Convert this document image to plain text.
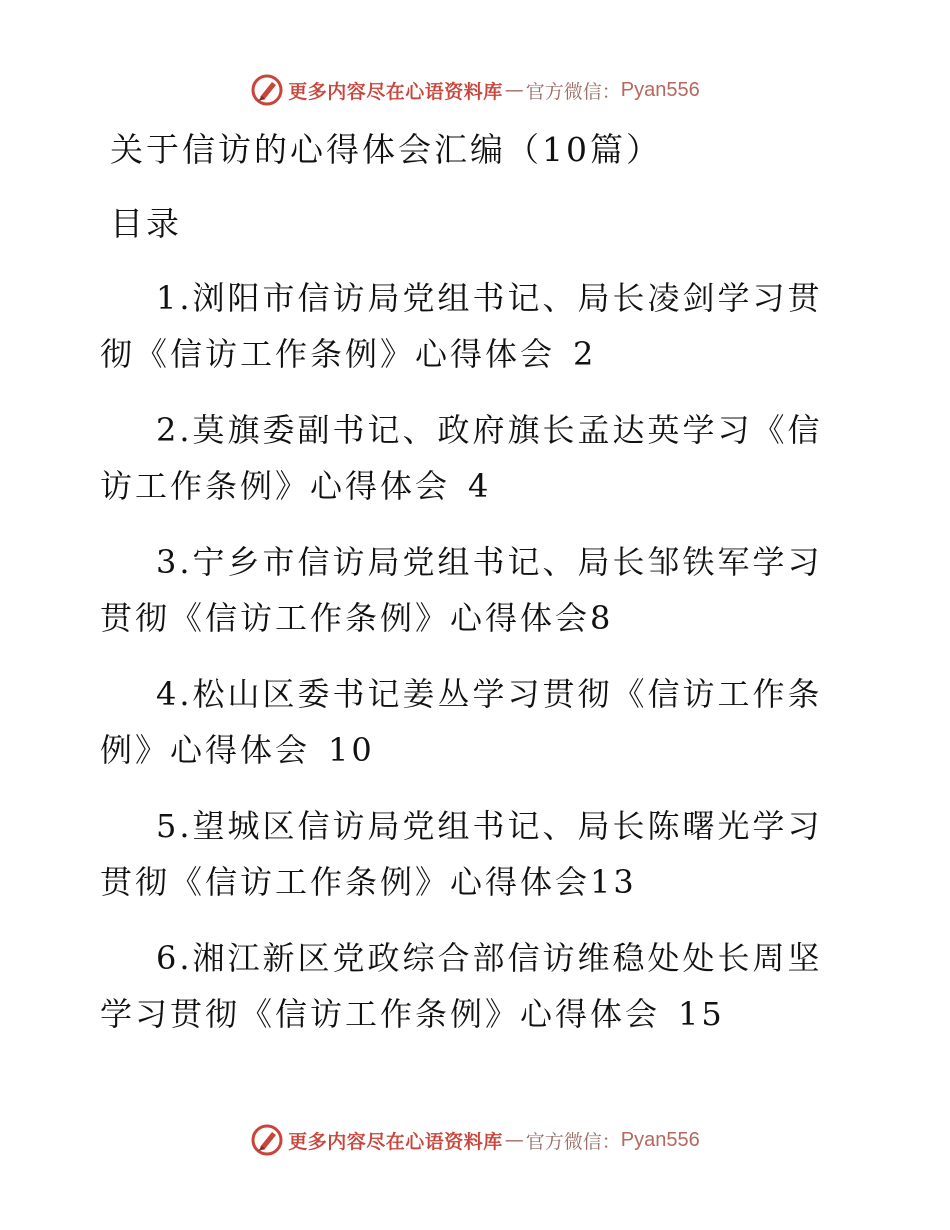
更多内容尽在心语资料库 — 官方微信： Pyan556
关于信访的心得体会汇编（10篇）
目录
1.浏阳市信访局党组书记、局长凌剑学习贯彻《信访工作条例》心得体会 2
2.莫旗委副书记、政府旗长孟达英学习《信访工作条例》心得体会 4
3.宁乡市信访局党组书记、局长邹铁军学习贯彻《信访工作条例》心得体会8
4.松山区委书记姜丛学习贯彻《信访工作条例》心得体会 10
5.望城区信访局党组书记、局长陈曙光学习贯彻《信访工作条例》心得体会13
6.湘江新区党政综合部信访维稳处处长周坚学习贯彻《信访工作条例》心得体会 15
更多内容尽在心语资料库 — 官方微信： Pyan556
